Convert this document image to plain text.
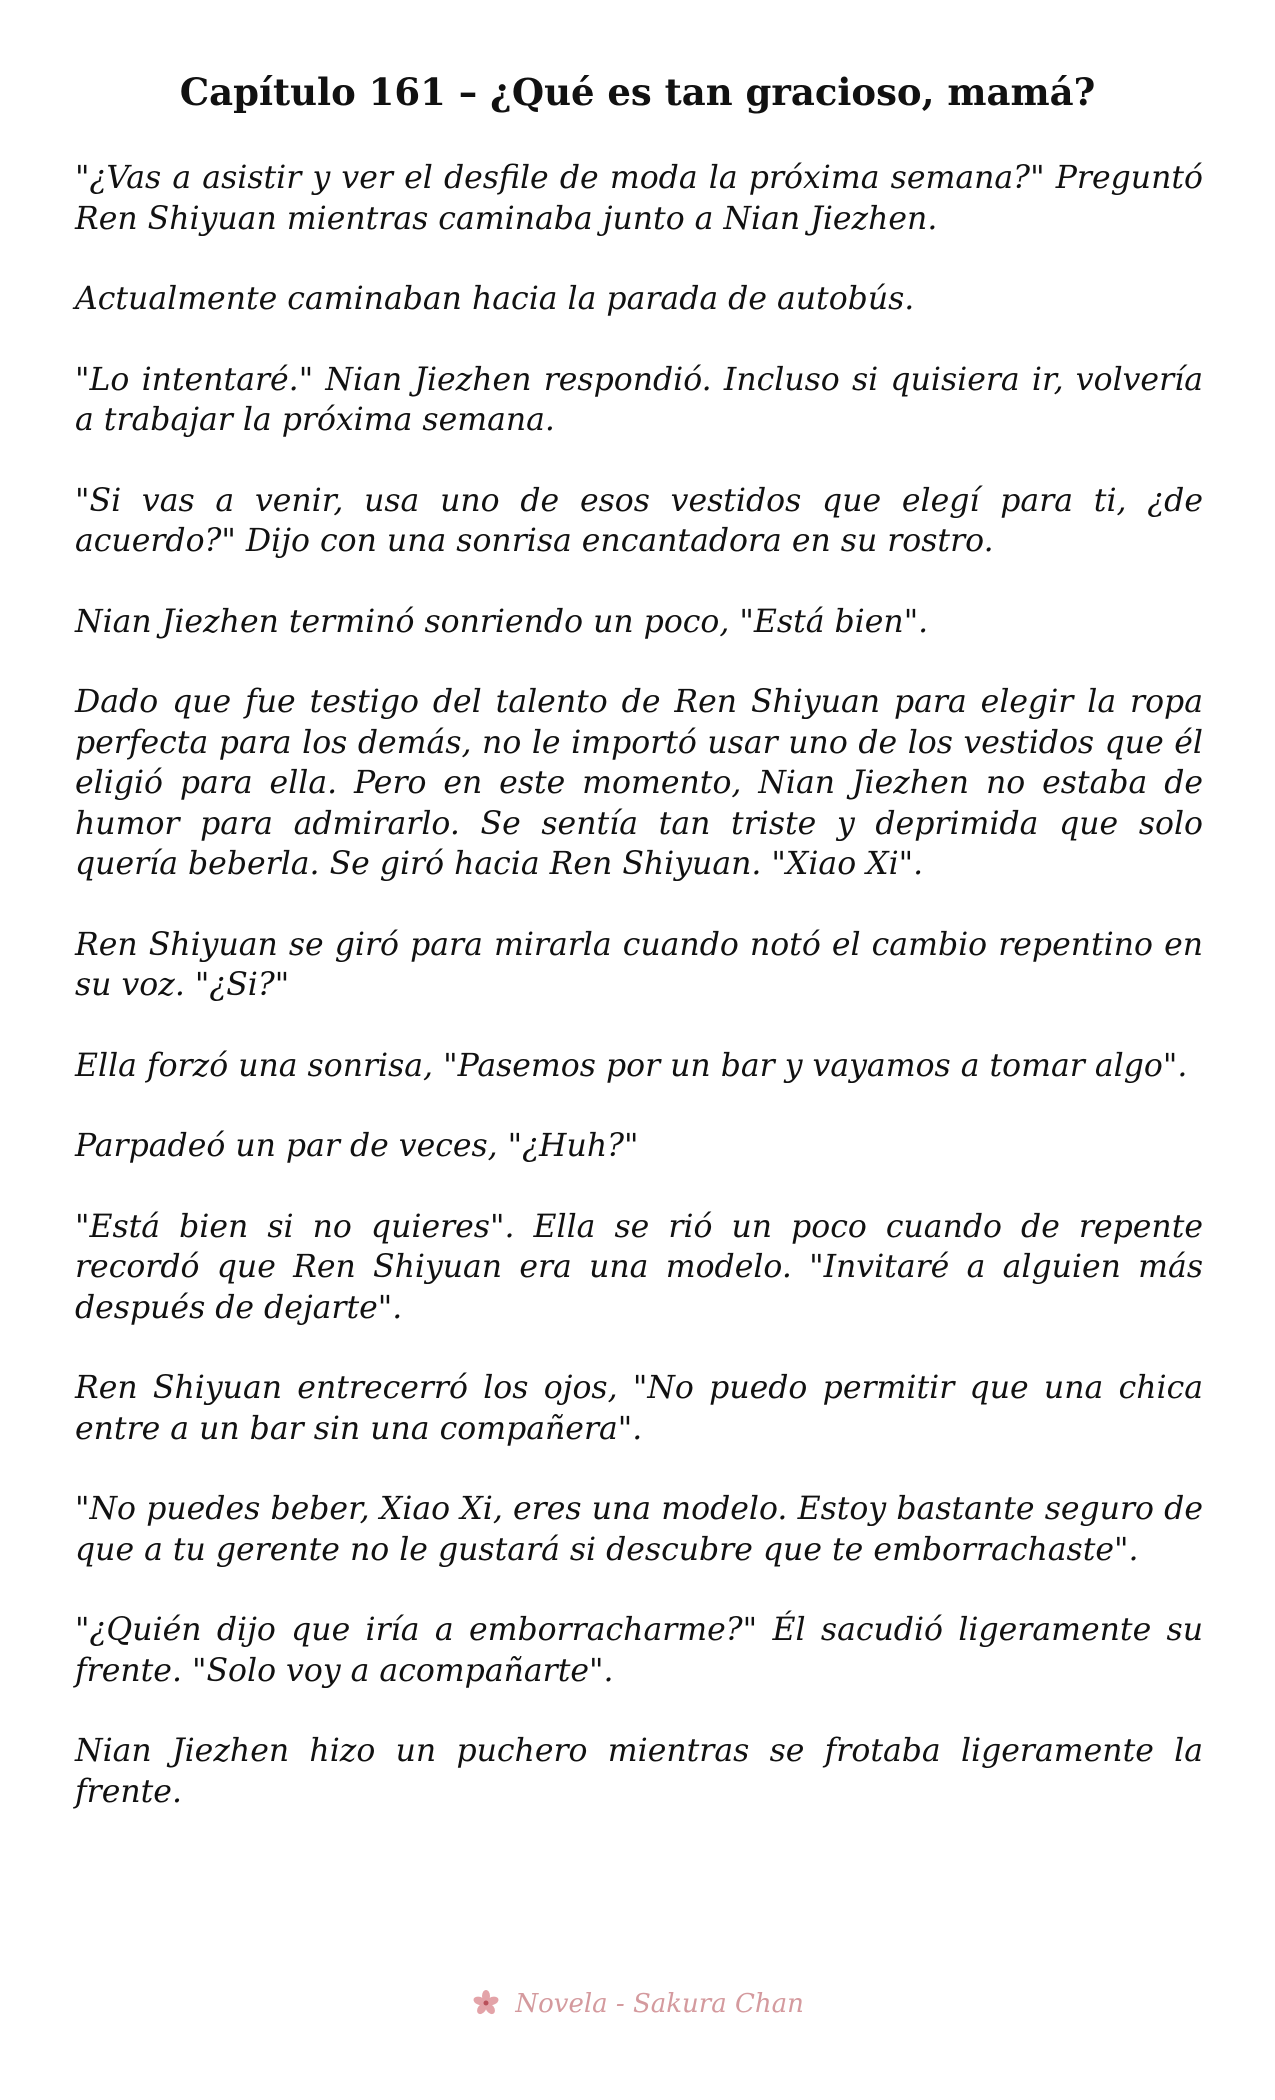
Capítulo 161 – ¿Qué es tan gracioso, mamá?

"¿Vas a asistir y ver el desfile de moda la próxima semana?" Preguntó Ren Shiyuan mientras caminaba junto a Nian Jiezhen.

Actualmente caminaban hacia la parada de autobús.

"Lo intentaré." Nian Jiezhen respondió. Incluso si quisiera ir, volvería a trabajar la próxima semana.

"Si vas a venir, usa uno de esos vestidos que elegí para ti, ¿de acuerdo?" Dijo con una sonrisa encantadora en su rostro.

Nian Jiezhen terminó sonriendo un poco, "Está bien".

Dado que fue testigo del talento de Ren Shiyuan para elegir la ropa perfecta para los demás, no le importó usar uno de los vestidos que él eligió para ella. Pero en este momento, Nian Jiezhen no estaba de humor para admirarlo. Se sentía tan triste y deprimida que solo quería beberla. Se giró hacia Ren Shiyuan. "Xiao Xi".

Ren Shiyuan se giró para mirarla cuando notó el cambio repentino en su voz. "¿Si?"

Ella forzó una sonrisa, "Pasemos por un bar y vayamos a tomar algo".

Parpadeó un par de veces, "¿Huh?"

"Está bien si no quieres". Ella se rió un poco cuando de repente recordó que Ren Shiyuan era una modelo. "Invitaré a alguien más después de dejarte".

Ren Shiyuan entrecerró los ojos, "No puedo permitir que una chica entre a un bar sin una compañera".

"No puedes beber, Xiao Xi, eres una modelo. Estoy bastante seguro de que a tu gerente no le gustará si descubre que te emborrachaste".

"¿Quién dijo que iría a emborracharme?" Él sacudió ligeramente su frente. "Solo voy a acompañarte".

Nian Jiezhen hizo un puchero mientras se frotaba ligeramente la frente.

Novela - Sakura Chan
